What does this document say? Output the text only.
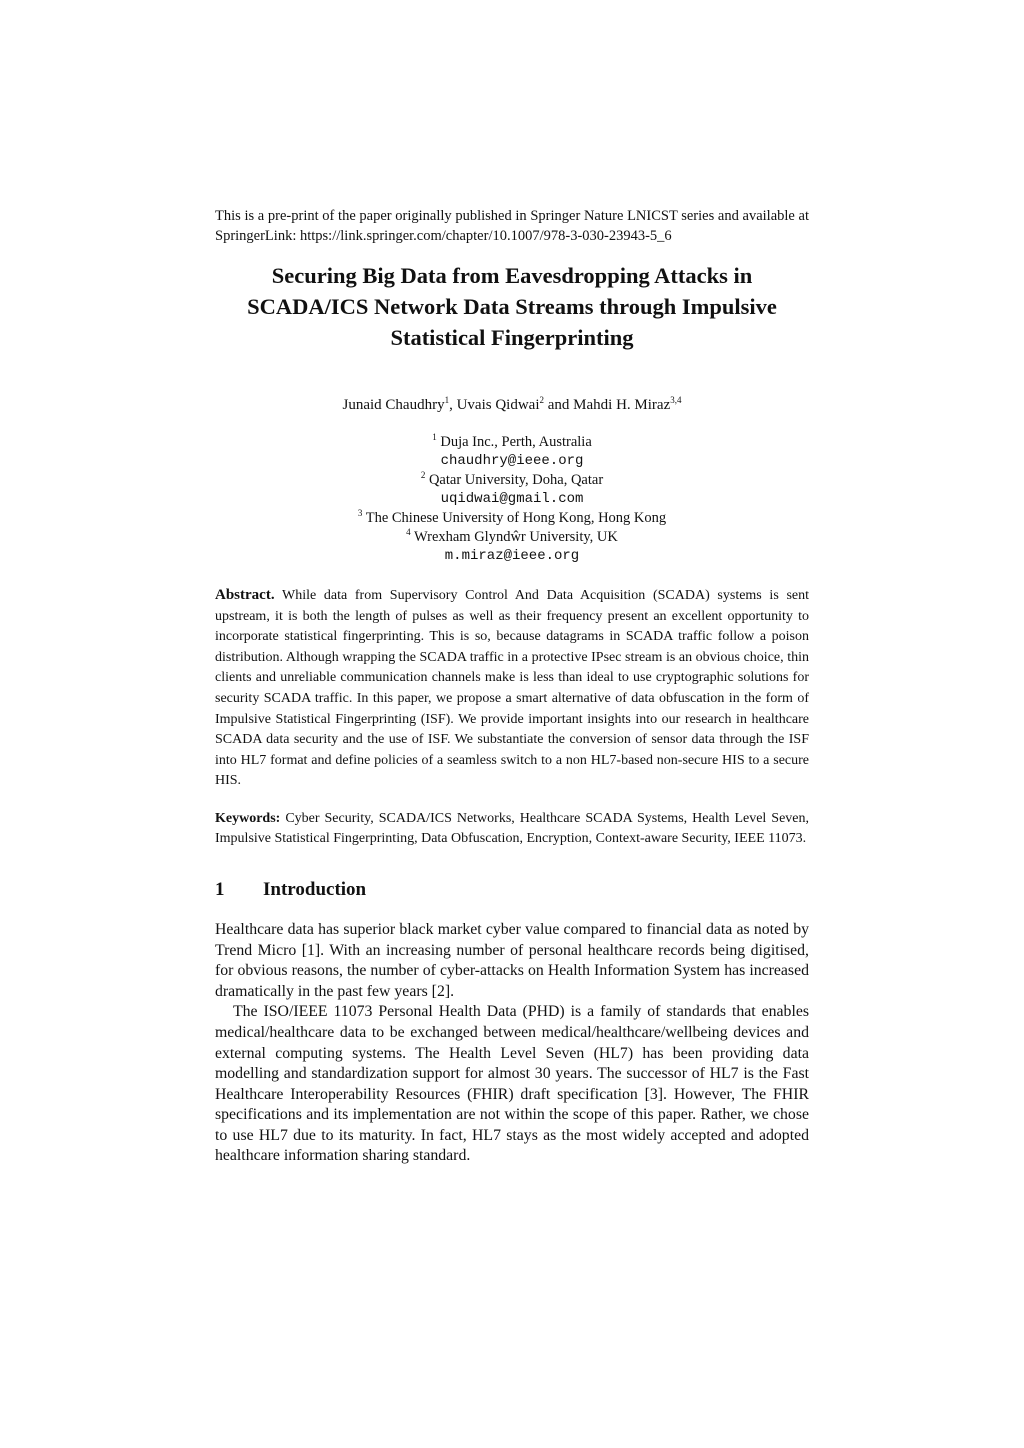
This is a pre-print of the paper originally published in Springer Nature LNICST series and available at SpringerLink: https://link.springer.com/chapter/10.1007/978-3-030-23943-5_6
Securing Big Data from Eavesdropping Attacks in
SCADA/ICS Network Data Streams through Impulsive
Statistical Fingerprinting
Junaid Chaudhry$^1$, Uvais Qidwai$^2$ and Mahdi H. Miraz$^{3,4}$
$^1$ Duja Inc., Perth, Australia
chaudhry@ieee.org
$^2$ Qatar University, Doha, Qatar
uqidwai@gmail.com
$^3$ The Chinese University of Hong Kong, Hong Kong
$^4$ Wrexham Glyndŵr University, UK
m.miraz@ieee.org
Abstract. While data from Supervisory Control And Data Acquisition (SCADA) systems is sent upstream, it is both the length of pulses as well as their frequency present an excellent opportunity to incorporate statistical fingerprinting. This is so, because datagrams in SCADA traffic follow a poison distribution. Although wrapping the SCADA traffic in a protective IPsec stream is an obvious choice, thin clients and unreliable communication channels make is less than ideal to use cryptographic solutions for security SCADA traffic. In this paper, we propose a smart alternative of data obfuscation in the form of Impulsive Statistical Fingerprinting (ISF). We provide important insights into our research in healthcare SCADA data security and the use of ISF. We substantiate the conversion of sensor data through the ISF into HL7 format and define policies of a seamless switch to a non HL7-based non-secure HIS to a secure HIS.
Keywords: Cyber Security, SCADA/ICS Networks, Healthcare SCADA Systems, Health Level Seven, Impulsive Statistical Fingerprinting, Data Obfuscation, Encryption, Context-aware Security, IEEE 11073.
1	Introduction

Healthcare data has superior black market cyber value compared to financial data as noted by Trend Micro [1]. With an increasing number of personal healthcare records being digitised, for obvious reasons, the number of cyber-attacks on Health Information System has increased dramatically in the past few years [2].

The ISO/IEEE 11073 Personal Health Data (PHD) is a family of standards that enables medical/healthcare data to be exchanged between medical/healthcare/wellbeing devices and external computing systems. The Health Level Seven (HL7) has been providing data modelling and standardization support for almost 30 years. The successor of HL7 is the Fast Healthcare Interoperability Resources (FHIR) draft specification [3]. However, The FHIR specifications and its implementation are not within the scope of this paper. Rather, we chose to use HL7 due to its maturity. In fact, HL7 stays as the most widely accepted and adopted healthcare information sharing standard.
